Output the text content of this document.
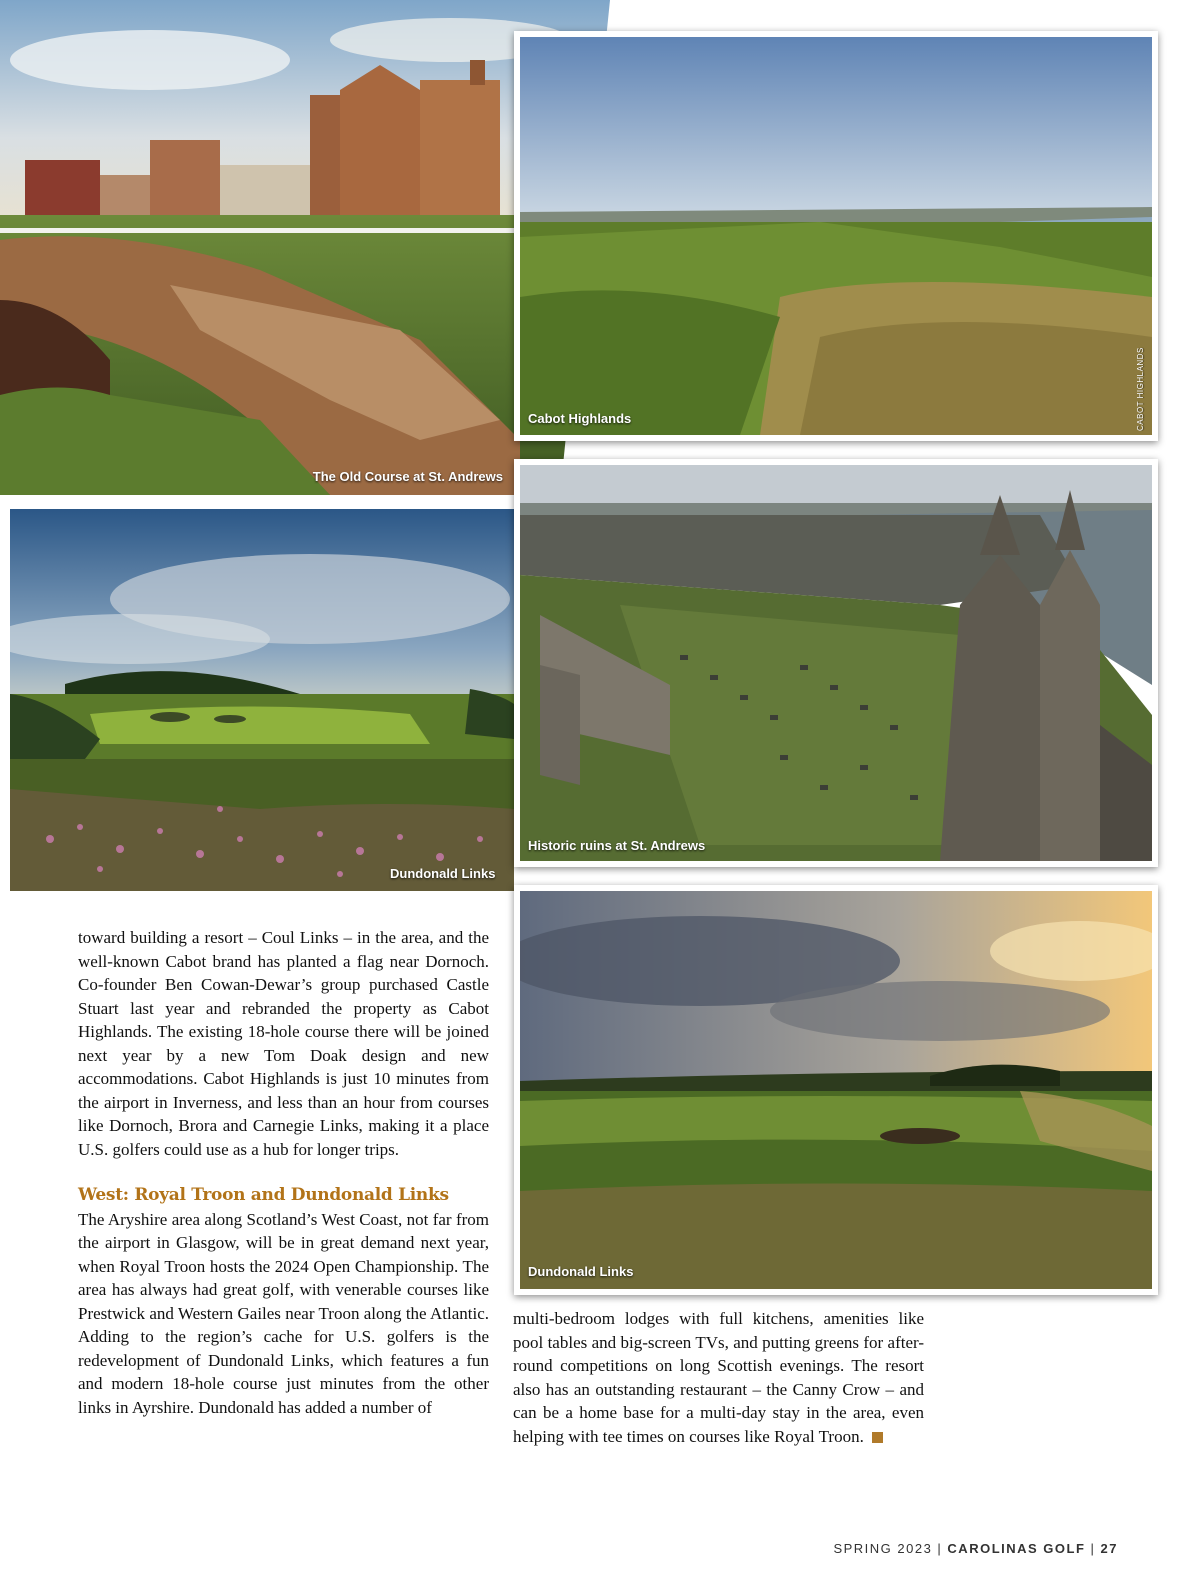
The Old Course at St. Andrews
Cabot Highlands	CABOT HIGHLANDS
Dundonald Links
Historic ruins at St. Andrews
Dundonald Links

toward building a resort – Coul Links – in the area, and the well-known Cabot brand has planted a flag near Dornoch. Co-founder Ben Cowan-Dewar’s group purchased Castle Stuart last year and rebranded the property as Cabot Highlands. The existing 18-hole course there will be joined next year by a new Tom Doak design and new accommodations. Cabot Highlands is just 10 minutes from the airport in Inverness, and less than an hour from courses like Dornoch, Brora and Carnegie Links, making it a place U.S. golfers could use as a hub for longer trips.

West: Royal Troon and Dundonald Links

The Aryshire area along Scotland’s West Coast, not far from the airport in Glasgow, will be in great demand next year, when Royal Troon hosts the 2024 Open Championship. The area has always had great golf, with venerable courses like Prestwick and Western Gailes near Troon along the Atlantic. Adding to the region’s cache for U.S. golfers is the redevelopment of Dundonald Links, which features a fun and modern 18-hole course just minutes from the other links in Ayrshire. Dundonald has added a number of

multi-bedroom lodges with full kitchens, amenities like pool tables and big-screen TVs, and putting greens for after-round competitions on long Scottish evenings. The resort also has an outstanding restaurant – the Canny Crow – and can be a home base for a multi-day stay in the area, even helping with tee times on courses like Royal Troon.

SPRING 2023 | CAROLINAS GOLF | 27
